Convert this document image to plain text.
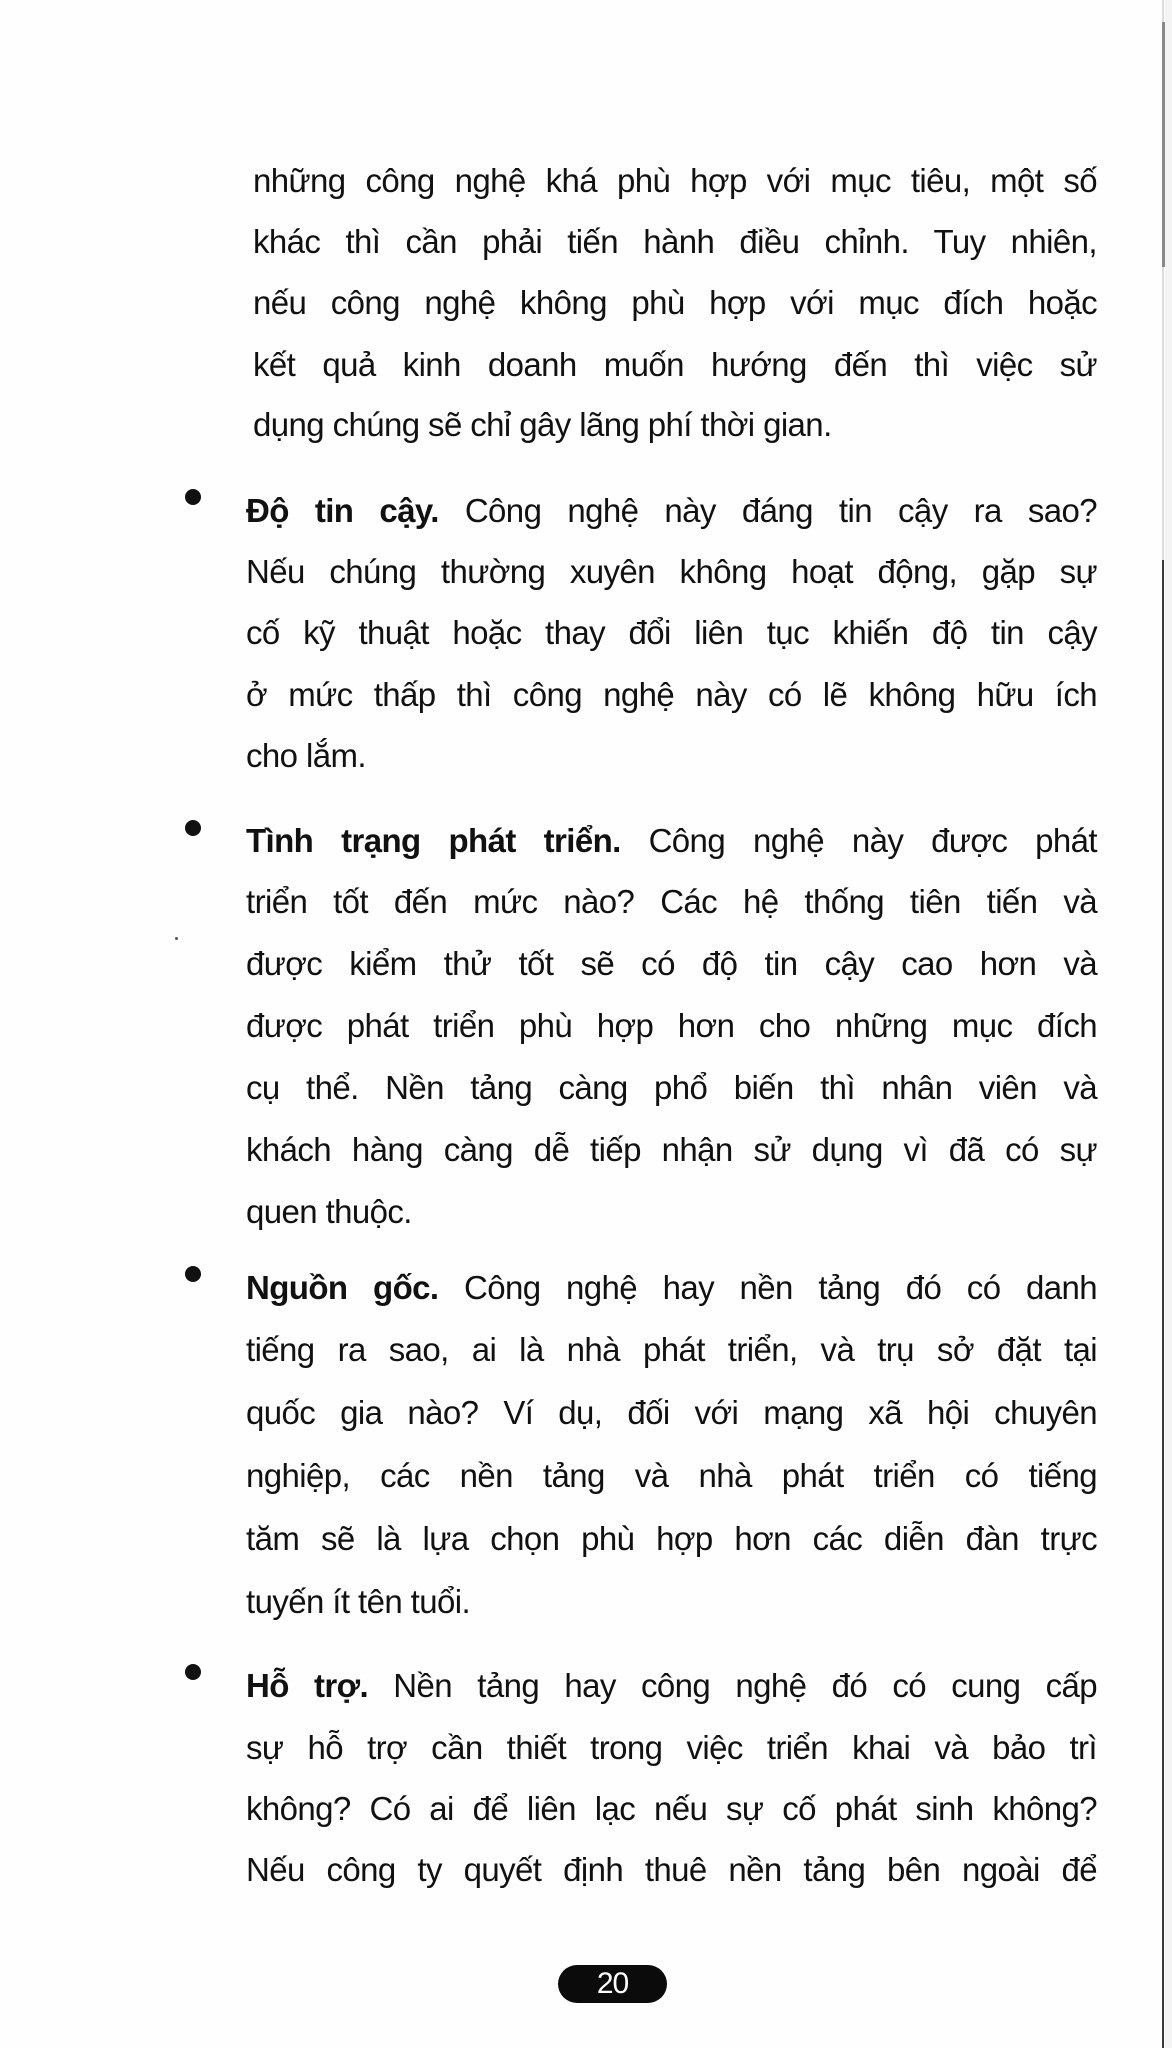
những công nghệ khá phù hợp với mục tiêu, một số
khác thì cần phải tiến hành điều chỉnh. Tuy nhiên,
nếu công nghệ không phù hợp với mục đích hoặc
kết quả kinh doanh muốn hướng đến thì việc sử
dụng chúng sẽ chỉ gây lãng phí thời gian.
Độ tin cậy. Công nghệ này đáng tin cậy ra sao?
Nếu chúng thường xuyên không hoạt động, gặp sự
cố kỹ thuật hoặc thay đổi liên tục khiến độ tin cậy
ở mức thấp thì công nghệ này có lẽ không hữu ích
cho lắm.
Tình trạng phát triển. Công nghệ này được phát
triển tốt đến mức nào? Các hệ thống tiên tiến và
được kiểm thử tốt sẽ có độ tin cậy cao hơn và
được phát triển phù hợp hơn cho những mục đích
cụ thể. Nền tảng càng phổ biến thì nhân viên và
khách hàng càng dễ tiếp nhận sử dụng vì đã có sự
quen thuộc.
Nguồn gốc. Công nghệ hay nền tảng đó có danh
tiếng ra sao, ai là nhà phát triển, và trụ sở đặt tại
quốc gia nào? Ví dụ, đối với mạng xã hội chuyên
nghiệp, các nền tảng và nhà phát triển có tiếng
tăm sẽ là lựa chọn phù hợp hơn các diễn đàn trực
tuyến ít tên tuổi.
Hỗ trợ. Nền tảng hay công nghệ đó có cung cấp
sự hỗ trợ cần thiết trong việc triển khai và bảo trì
không? Có ai để liên lạc nếu sự cố phát sinh không?
Nếu công ty quyết định thuê nền tảng bên ngoài để
20
